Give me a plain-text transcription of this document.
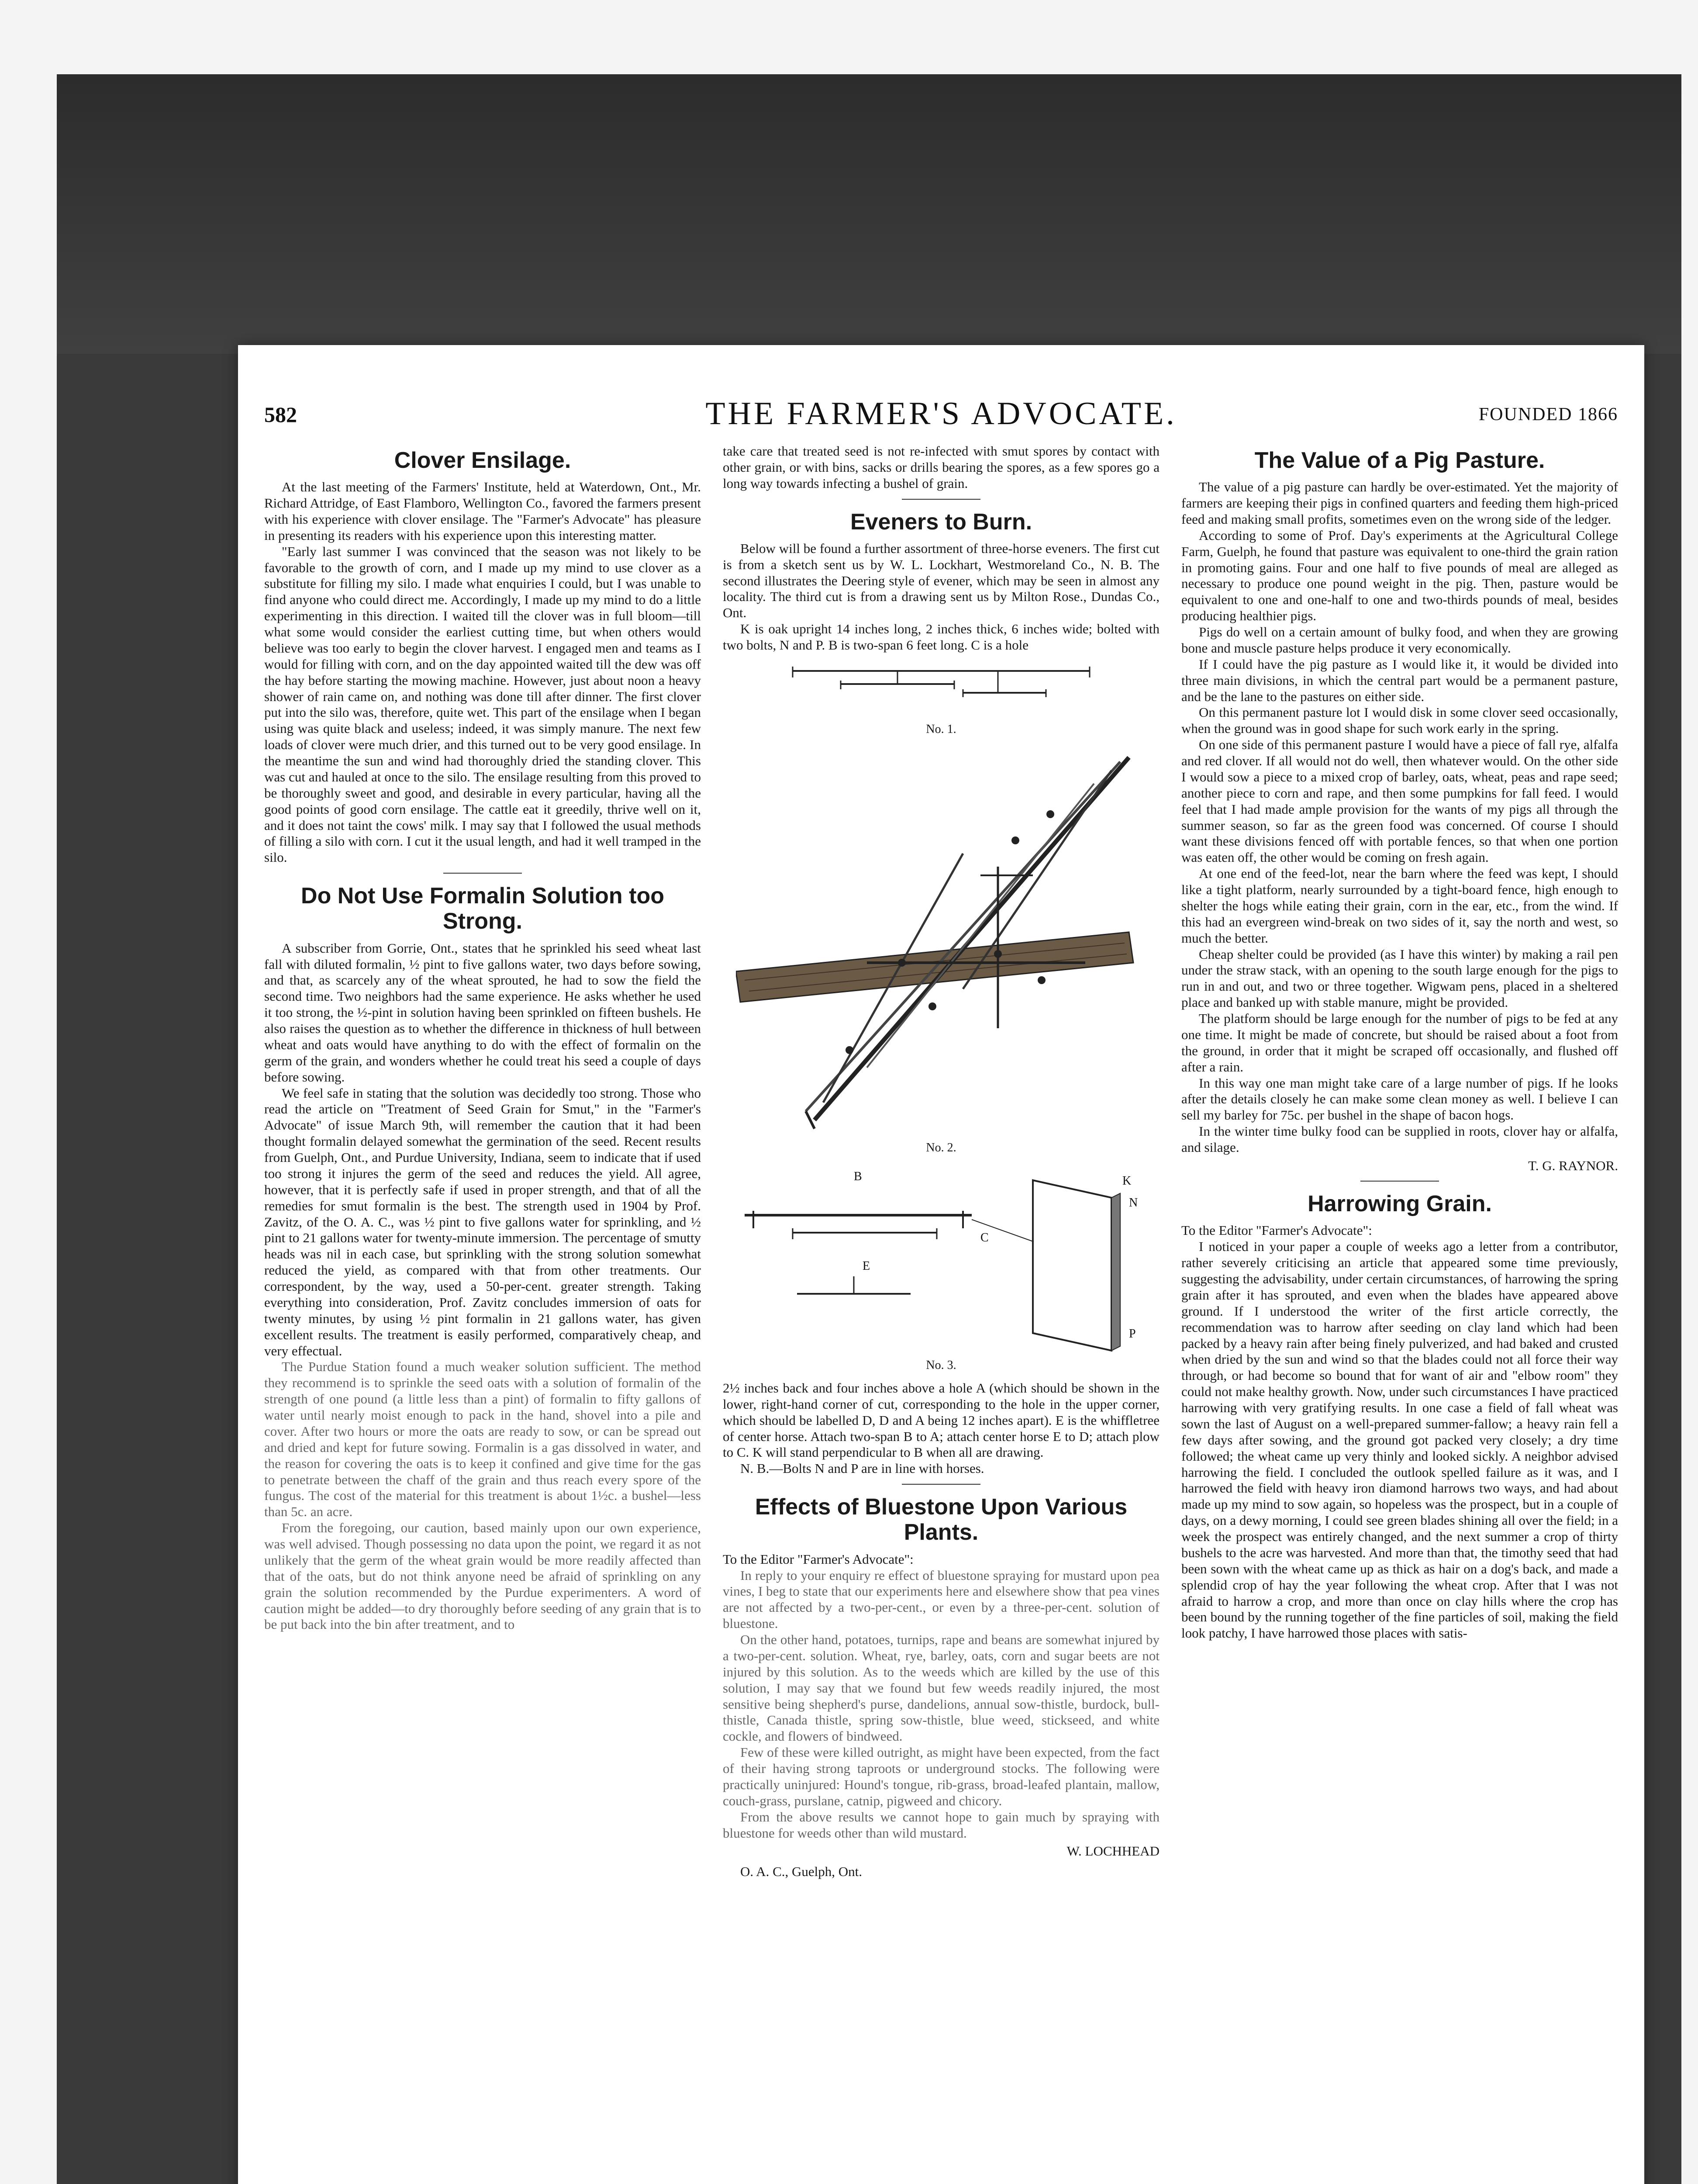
582	THE FARMER'S ADVOCATE.	FOUNDED 1866
Clover Ensilage.

At the last meeting of the Farmers' Institute, held at Waterdown, Ont., Mr. Richard Attridge, of East Flamboro, Wellington Co., favored the farmers present with his experience with clover ensilage. The "Farmer's Advocate" has pleasure in presenting its readers with his experience upon this interesting matter.

"Early last summer I was convinced that the season was not likely to be favorable to the growth of corn, and I made up my mind to use clover as a substitute for filling my silo. I made what enquiries I could, but I was unable to find anyone who could direct me. Accordingly, I made up my mind to do a little experimenting in this direction. I waited till the clover was in full bloom—till what some would consider the earliest cutting time, but when others would believe was too early to begin the clover harvest. I engaged men and teams as I would for filling with corn, and on the day appointed waited till the dew was off the hay before starting the mowing machine. However, just about noon a heavy shower of rain came on, and nothing was done till after dinner. The first clover put into the silo was, therefore, quite wet. This part of the ensilage when I began using was quite black and useless; indeed, it was simply manure. The next few loads of clover were much drier, and this turned out to be very good ensilage. In the meantime the sun and wind had thoroughly dried the standing clover. This was cut and hauled at once to the silo. The ensilage resulting from this proved to be thoroughly sweet and good, and desirable in every particular, having all the good points of good corn ensilage. The cattle eat it greedily, thrive well on it, and it does not taint the cows' milk. I may say that I followed the usual methods of filling a silo with corn. I cut it the usual length, and had it well tramped in the silo.

Do Not Use Formalin Solution too Strong.

A subscriber from Gorrie, Ont., states that he sprinkled his seed wheat last fall with diluted formalin, ½ pint to five gallons water, two days before sowing, and that, as scarcely any of the wheat sprouted, he had to sow the field the second time. Two neighbors had the same experience. He asks whether he used it too strong, the ½-pint in solution having been sprinkled on fifteen bushels. He also raises the question as to whether the difference in thickness of hull between wheat and oats would have anything to do with the effect of formalin on the germ of the grain, and wonders whether he could treat his seed a couple of days before sowing.

We feel safe in stating that the solution was decidedly too strong. Those who read the article on "Treatment of Seed Grain for Smut," in the "Farmer's Advocate" of issue March 9th, will remember the caution that it had been thought formalin delayed somewhat the germination of the seed. Recent results from Guelph, Ont., and Purdue University, Indiana, seem to indicate that if used too strong it injures the germ of the seed and reduces the yield. All agree, however, that it is perfectly safe if used in proper strength, and that of all the remedies for smut formalin is the best. The strength used in 1904 by Prof. Zavitz, of the O. A. C., was ½ pint to five gallons water for sprinkling, and ½ pint to 21 gallons water for twenty-minute immersion. The percentage of smutty heads was nil in each case, but sprinkling with the strong solution somewhat reduced the yield, as compared with that from other treatments. Our correspondent, by the way, used a 50-per-cent. greater strength. Taking everything into consideration, Prof. Zavitz concludes immersion of oats for twenty minutes, by using ½ pint formalin in 21 gallons water, has given excellent results. The treatment is easily performed, comparatively cheap, and very effectual.

The Purdue Station found a much weaker solution sufficient. The method they recommend is to sprinkle the seed oats with a solution of formalin of the strength of one pound (a little less than a pint) of formalin to fifty gallons of water until nearly moist enough to pack in the hand, shovel into a pile and cover. After two hours or more the oats are ready to sow, or can be spread out and dried and kept for future sowing. Formalin is a gas dissolved in water, and the reason for covering the oats is to keep it confined and give time for the gas to penetrate between the chaff of the grain and thus reach every spore of the fungus. The cost of the material for this treatment is about 1½c. a bushel—less than 5c. an acre.

From the foregoing, our caution, based mainly upon our own experience, was well advised. Though possessing no data upon the point, we regard it as not unlikely that the germ of the wheat grain would be more readily affected than that of the oats, but do not think anyone need be afraid of sprinkling on any grain the solution recommended by the Purdue experimenters. A word of caution might be added—to dry thoroughly before seeding of any grain that is to be put back into the bin after treatment, and to

take care that treated seed is not re-infected with smut spores by contact with other grain, or with bins, sacks or drills bearing the spores, as a few spores go a long way towards infecting a bushel of grain.

Eveners to Burn.

Below will be found a further assortment of three-horse eveners. The first cut is from a sketch sent us by W. L. Lockhart, Westmoreland Co., N. B. The second illustrates the Deering style of evener, which may be seen in almost any locality. The third cut is from a drawing sent us by Milton Rose., Dundas Co., Ont.

K is oak upright 14 inches long, 2 inches thick, 6 inches wide; bolted with two bolts, N and P. B is two-span 6 feet long. C is a hole

No. 1.
No. 2.
B	K
N
C
E
P
No. 3.

2½ inches back and four inches above a hole A (which should be shown in the lower, right-hand corner of cut, corresponding to the hole in the upper corner, which should be labelled D, D and A being 12 inches apart). E is the whiffletree of center horse. Attach two-span B to A; attach center horse E to D; attach plow to C. K will stand perpendicular to B when all are drawing.

N. B.—Bolts N and P are in line with horses.

Effects of Bluestone Upon Various Plants.

To the Editor "Farmer's Advocate":

In reply to your enquiry re effect of bluestone spraying for mustard upon pea vines, I beg to state that our experiments here and elsewhere show that pea vines are not affected by a two-per-cent., or even by a three-per-cent. solution of bluestone.

On the other hand, potatoes, turnips, rape and beans are somewhat injured by a two-per-cent. solution. Wheat, rye, barley, oats, corn and sugar beets are not injured by this solution. As to the weeds which are killed by the use of this solution, I may say that we found but few weeds readily injured, the most sensitive being shepherd's purse, dandelions, annual sow-thistle, burdock, bull-thistle, Canada thistle, spring sow-thistle, blue weed, stickseed, and white cockle, and flowers of bindweed.

Few of these were killed outright, as might have been expected, from the fact of their having strong taproots or underground stocks. The following were practically uninjured: Hound's tongue, rib-grass, broad-leafed plantain, mallow, couch-grass, purslane, catnip, pigweed and chicory.

From the above results we cannot hope to gain much by spraying with bluestone for weeds other than wild mustard.

W. LOCHHEAD

O. A. C., Guelph, Ont.

The Value of a Pig Pasture.

The value of a pig pasture can hardly be over-estimated. Yet the majority of farmers are keeping their pigs in confined quarters and feeding them high-priced feed and making small profits, sometimes even on the wrong side of the ledger.

According to some of Prof. Day's experiments at the Agricultural College Farm, Guelph, he found that pasture was equivalent to one-third the grain ration in promoting gains. Four and one half to five pounds of meal are alleged as necessary to produce one pound weight in the pig. Then, pasture would be equivalent to one and one-half to one and two-thirds pounds of meal, besides producing healthier pigs.

Pigs do well on a certain amount of bulky food, and when they are growing bone and muscle pasture helps produce it very economically.

If I could have the pig pasture as I would like it, it would be divided into three main divisions, in which the central part would be a permanent pasture, and be the lane to the pastures on either side.

On this permanent pasture lot I would disk in some clover seed occasionally, when the ground was in good shape for such work early in the spring.

On one side of this permanent pasture I would have a piece of fall rye, alfalfa and red clover. If all would not do well, then whatever would. On the other side I would sow a piece to a mixed crop of barley, oats, wheat, peas and rape seed; another piece to corn and rape, and then some pumpkins for fall feed. I would feel that I had made ample provision for the wants of my pigs all through the summer season, so far as the green food was concerned. Of course I should want these divisions fenced off with portable fences, so that when one portion was eaten off, the other would be coming on fresh again.

At one end of the feed-lot, near the barn where the feed was kept, I should like a tight platform, nearly surrounded by a tight-board fence, high enough to shelter the hogs while eating their grain, corn in the ear, etc., from the wind. If this had an evergreen wind-break on two sides of it, say the north and west, so much the better.

Cheap shelter could be provided (as I have this winter) by making a rail pen under the straw stack, with an opening to the south large enough for the pigs to run in and out, and two or three together. Wigwam pens, placed in a sheltered place and banked up with stable manure, might be provided.

The platform should be large enough for the number of pigs to be fed at any one time. It might be made of concrete, but should be raised about a foot from the ground, in order that it might be scraped off occasionally, and flushed off after a rain.

In this way one man might take care of a large number of pigs. If he looks after the details closely he can make some clean money as well. I believe I can sell my barley for 75c. per bushel in the shape of bacon hogs.

In the winter time bulky food can be supplied in roots, clover hay or alfalfa, and silage.

T. G. RAYNOR.
Harrowing Grain.

To the Editor "Farmer's Advocate":

I noticed in your paper a couple of weeks ago a letter from a contributor, rather severely criticising an article that appeared some time previously, suggesting the advisability, under certain circumstances, of harrowing the spring grain after it has sprouted, and even when the blades have appeared above ground. If I understood the writer of the first article correctly, the recommendation was to harrow after seeding on clay land which had been packed by a heavy rain after being finely pulverized, and had baked and crusted when dried by the sun and wind so that the blades could not all force their way through, or had become so bound that for want of air and "elbow room" they could not make healthy growth. Now, under such circumstances I have practiced harrowing with very gratifying results. In one case a field of fall wheat was sown the last of August on a well-prepared summer-fallow; a heavy rain fell a few days after sowing, and the ground got packed very closely; a dry time followed; the wheat came up very thinly and looked sickly. A neighbor advised harrowing the field. I concluded the outlook spelled failure as it was, and I harrowed the field with heavy iron diamond harrows two ways, and had about made up my mind to sow again, so hopeless was the prospect, but in a couple of days, on a dewy morning, I could see green blades shining all over the field; in a week the prospect was entirely changed, and the next summer a crop of thirty bushels to the acre was harvested. And more than that, the timothy seed that had been sown with the wheat came up as thick as hair on a dog's back, and made a splendid crop of hay the year following the wheat crop. After that I was not afraid to harrow a crop, and more than once on clay hills where the crop has been bound by the running together of the fine particles of soil, making the field look patchy, I have harrowed those places with satis-
